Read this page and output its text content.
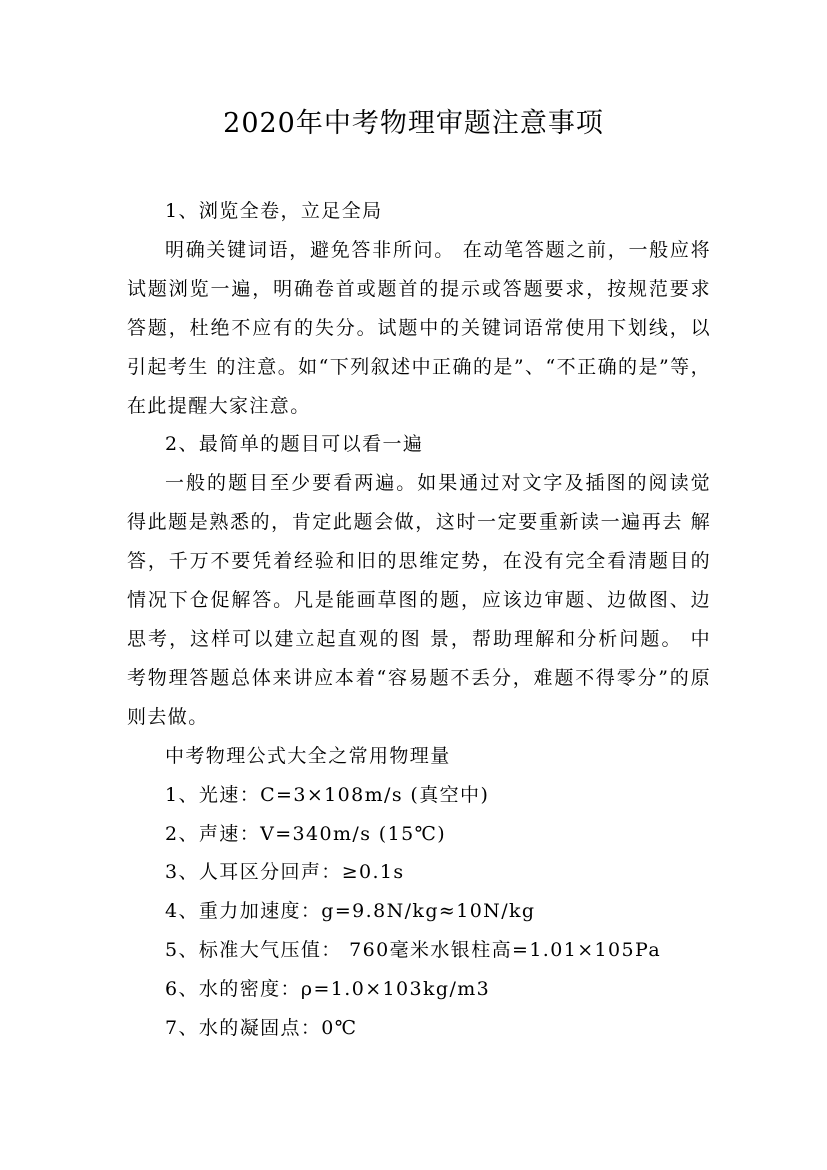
2020年中考物理审题注意事项

1、浏览全卷，立足全局

明确关键词语，避免答非所问。 在动笔答题之前，一般应将试题浏览一遍，明确卷首或题首的提示或答题要求，按规范要求答题，杜绝不应有的失分。试题中的关键词语常使用下划线，以引起考生 的注意。如“下列叙述中正确的是”、“不正确的是”等，在此提醒大家注意。

2、最简单的题目可以看一遍

一般的题目至少要看两遍。如果通过对文字及插图的阅读觉得此题是熟悉的，肯定此题会做，这时一定要重新读一遍再去 解答，千万不要凭着经验和旧的思维定势，在没有完全看清题目的情况下仓促解答。凡是能画草图的题，应该边审题、边做图、边思考，这样可以建立起直观的图 景，帮助理解和分析问题。 中考物理答题总体来讲应本着“容易题不丢分，难题不得零分”的原则去做。

中考物理公式大全之常用物理量

1、光速：C=3×108m/s (真空中)

2、声速：V=340m/s (15℃)

3、人耳区分回声：≥0.1s

4、重力加速度：g=9.8N/kg≈10N/kg

5、标准大气压值： 760毫米水银柱高=1.01×105Pa

6、水的密度：ρ=1.0×103kg/m3

7、水的凝固点：0℃
